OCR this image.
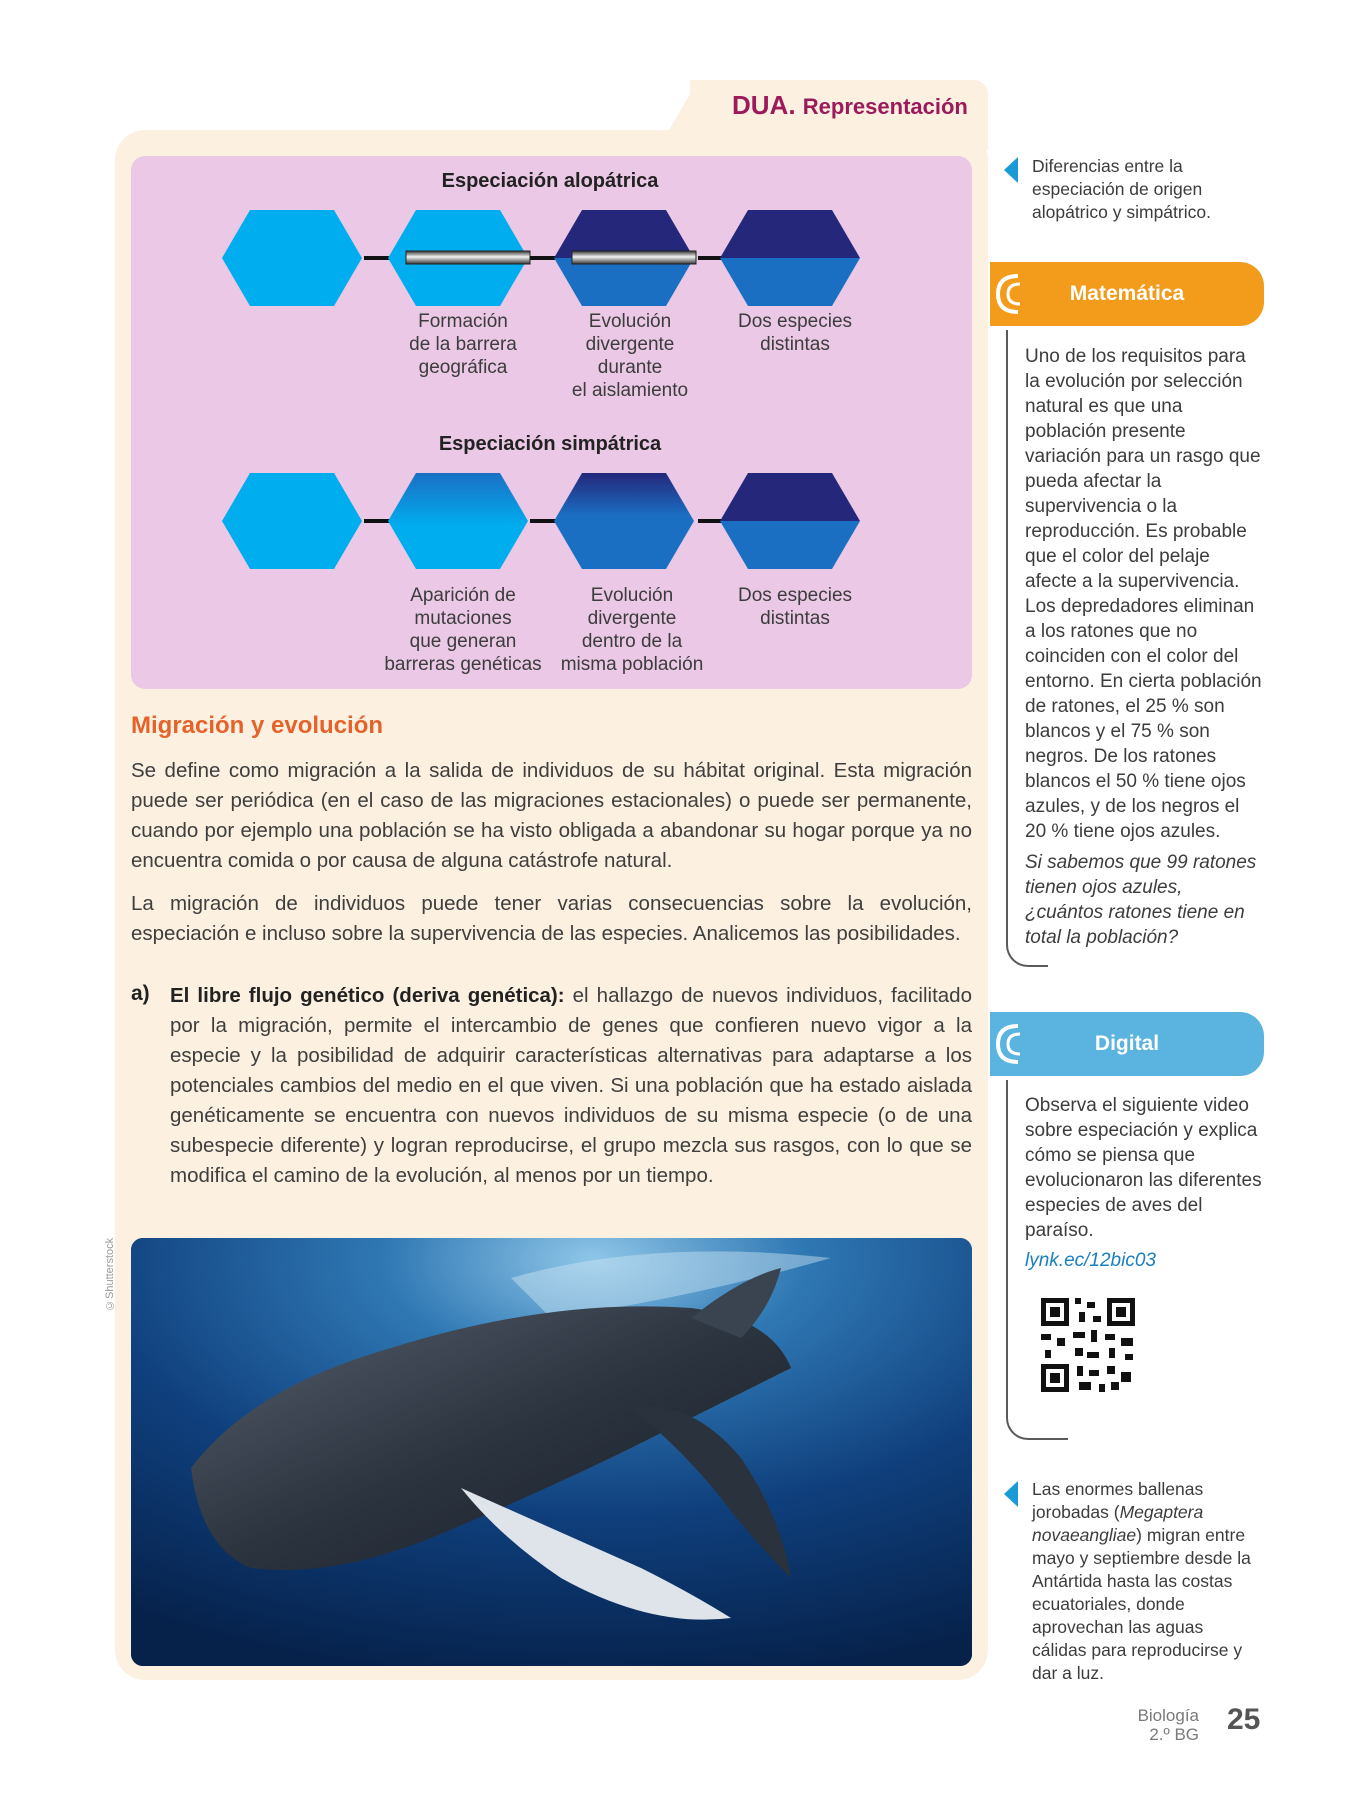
DUA. Representación
Especiación alopátrica
Formación
de la barrera
geográfica
Evolución
divergente
durante
el aislamiento
Dos especies
distintas
Especiación simpátrica
Aparición de
mutaciones
que generan
barreras genéticas
Evolución
divergente
dentro de la
misma población
Dos especies
distintas
Migración y evolución
Se define como migración a la salida de individuos de su hábitat original. Esta migración puede ser periódica (en el caso de las migraciones estacionales) o puede ser permanente, cuando por ejemplo una población se ha visto obligada a abandonar su hogar porque ya no encuentra comida o por causa de alguna catástrofe natural.
La migración de individuos puede tener varias consecuencias sobre la evolución, especiación e incluso sobre la supervivencia de las especies. Analicemos las posibilidades.
a) El libre flujo genético (deriva genética): el hallazgo de nuevos individuos, facilitado por la migración, permite el intercambio de genes que confieren nuevo vigor a la especie y la posibilidad de adquirir características alternativas para adaptarse a los potenciales cambios del medio en el que viven. Si una población que ha estado aislada genéticamente se encuentra con nuevos individuos de su misma especie (o de una subespecie diferente) y logran reproducirse, el grupo mezcla sus rasgos, con lo que se modifica el camino de la evolución, al menos por un tiempo.
©Shutterstock
Diferencias entre la especiación de origen alopátrico y simpátrico.
Matemática
Uno de los requisitos para la evolución por selección natural es que una población presente variación para un rasgo que pueda afectar la supervivencia o la reproducción. Es probable que el color del pelaje afecte a la supervivencia. Los depredadores eliminan a los ratones que no coinciden con el color del entorno. En cierta población de ratones, el 25 % son blancos y el 75 % son negros. De los ratones blancos el 50 % tiene ojos azules, y de los negros el 20 % tiene ojos azules.
Si sabemos que 99 ratones tienen ojos azules, ¿cuántos ratones tiene en total la población?
Digital
Observa el siguiente video sobre especiación y explica cómo se piensa que evolucionaron las diferentes especies de aves del paraíso.
lynk.ec/12bic03
Las enormes ballenas jorobadas (Megaptera novaeangliae) migran entre mayo y septiembre desde la Antártida hasta las costas ecuatoriales, donde aprovechan las aguas cálidas para reproducirse y dar a luz.
Biología
2.º BG 25
